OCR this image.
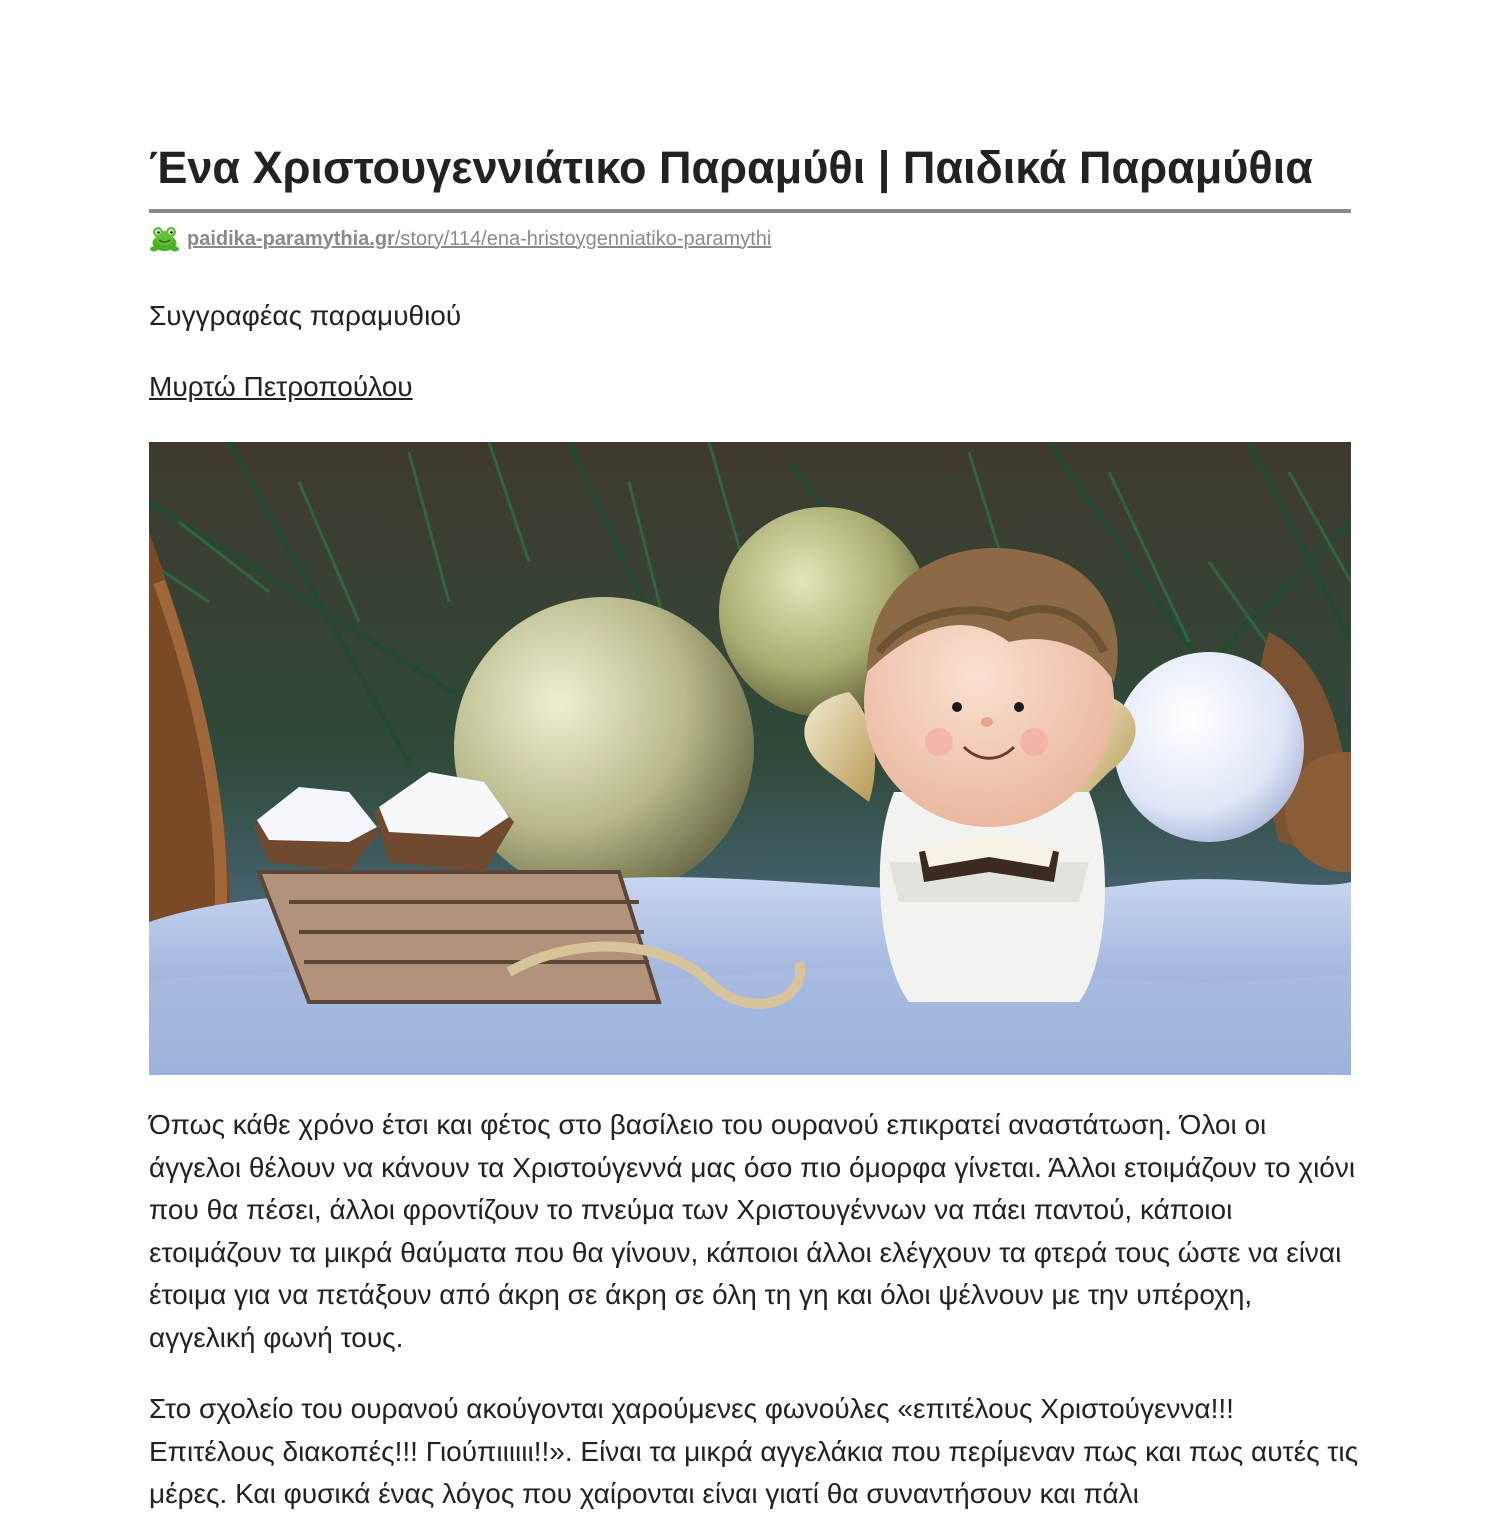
Ένα Χριστουγεννιάτικο Παραμύθι | Παιδικά Παραμύθια
paidika-paramythia.gr/story/114/ena-hristoygenniatiko-paramythi
Συγγραφέας παραμυθιού
Μυρτώ Πετροπούλου

Όπως κάθε χρόνο έτσι και φέτος στο βασίλειο του ουρανού επικρατεί αναστάτωση. Όλοι οι άγγελοι θέλουν να κάνουν τα Χριστούγεννά μας όσο πιο όμορφα γίνεται. Άλλοι ετοιμάζουν το χιόνι που θα πέσει, άλλοι φροντίζουν το πνεύμα των Χριστουγέννων να πάει παντού, κάποιοι ετοιμάζουν τα μικρά θαύματα που θα γίνουν, κάποιοι άλλοι ελέγχουν τα φτερά τους ώστε να είναι έτοιμα για να πετάξουν από άκρη σε άκρη σε όλη τη γη και όλοι ψέλνουν με την υπέροχη, αγγελική φωνή τους.

Στο σχολείο του ουρανού ακούγονται χαρούμενες φωνούλες «επιτέλους Χριστούγεννα!!! Επιτέλους διακοπές!!! Γιούπιιιιιι!!». Είναι τα μικρά αγγελάκια που περίμεναν πως και πως αυτές τις μέρες. Και φυσικά ένας λόγος που χαίρονται είναι γιατί θα συναντήσουν και πάλι
